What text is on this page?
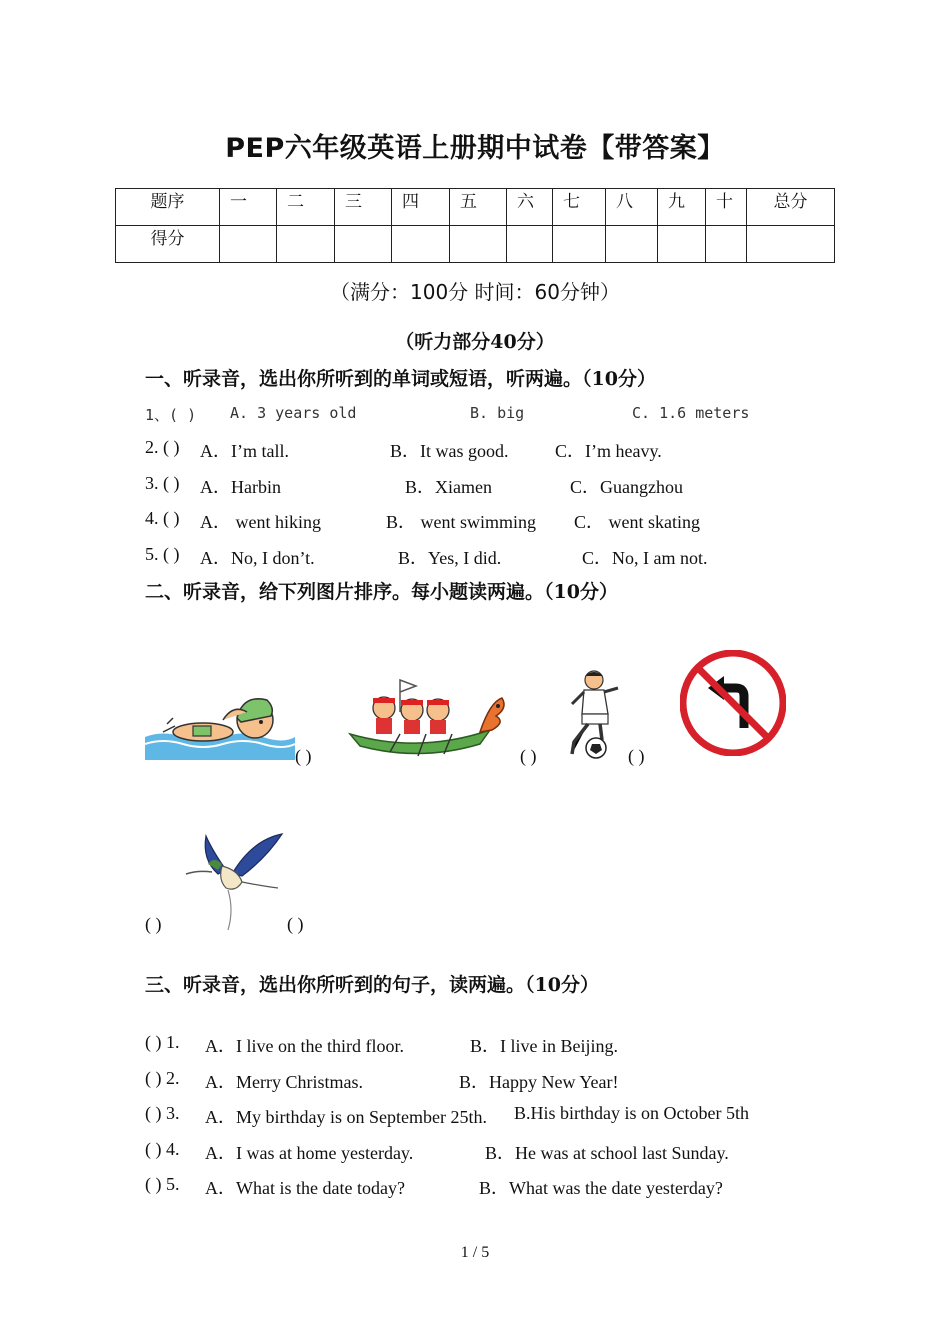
PEP六年级英语上册期中试卷【带答案】
题序	一	二	三	四	五	六	七	八	九	十	总分
得分											
（满分：100分 时间：60分钟）
（听力部分40分）
一、听录音，选出你所听到的单词或短语，听两遍。（10分）
1、( ) A. 3 years old	B. big	C. 1.6 meters
2. ( ) A．I’m tall.	B．It was good.	C．I’m heavy.
3. ( ) A．Harbin	B．Xiamen	C．Guangzhou
4. ( ) A． went hiking	B． went swimming C． went skating
5. ( ) A．No, I don’t.	B．Yes, I did.	C．No, I am not.
二、听录音，给下列图片排序。每小题读两遍。（10分）
( )	( )	( )
( )	( )
三、听录音，选出你所听到的句子，读两遍。（10分）
( ) 1. A．I live on the third floor.	B．I live in Beijing.
( ) 2. A．Merry Christmas.	B．Happy New Year!
( ) 3. A．My birthday is on September 25th. B.His birthday is on October 5th
( ) 4. A．I was at home yesterday.	B．He was at school last Sunday.
( ) 5. A．What is the date today?	B．What was the date yesterday?
1 / 5
